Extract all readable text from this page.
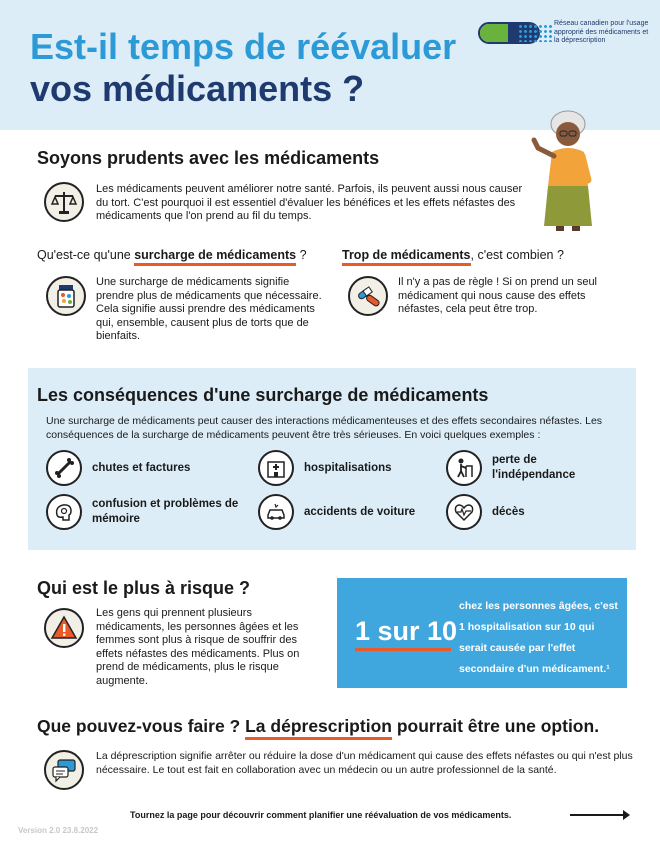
Est-il temps de réévaluer
vos médicaments ?
Réseau canadien pour l'usage approprié des médicaments et la déprescription
Soyons prudents avec les médicaments
Les médicaments peuvent améliorer notre santé. Parfois, ils peuvent aussi nous causer du tort. C'est pourquoi il est essentiel d'évaluer les bénéfices et les effets néfastes des médicaments que l'on prend au fil du temps.
Qu'est-ce qu'une surcharge de médicaments ?
Une surcharge de médicaments signifie prendre plus de médicaments que nécessaire. Cela signifie aussi prendre des médicaments qui, ensemble, causent plus de torts que de bienfaits.
Trop de médicaments, c'est combien ?
Il n'y a pas de règle ! Si on prend un seul médicament qui nous cause des effets néfastes, cela peut être trop.
Les conséquences d'une surcharge de médicaments
Une surcharge de médicaments peut causer des interactions médicamenteuses et des effets secondaires néfastes. Les conséquences de la surcharge de médicaments peuvent être très sérieuses. En voici quelques exemples :
chutes et factures	hospitalisations
perte de l'indépendance
confusion et problèmes de mémoire
accidents de voiture	décès
Qui est le plus à risque ?
Les gens qui prennent plusieurs médicaments, les personnes âgées et les femmes sont plus à risque de souffrir des effets néfastes des médicaments. Plus on prend de médicaments, plus le risque augmente.
1 sur 10
chez les personnes âgées, c'est 1 hospitalisation sur 10 qui serait causée par l'effet secondaire d'un médicament.¹
Que pouvez-vous faire ? La déprescription pourrait être une option.
La déprescription signifie arrêter ou réduire la dose d'un médicament qui cause des effets néfastes ou qui n'est plus nécessaire. Le tout est fait en collaboration avec un médecin ou un autre professionnel de la santé.
Tournez la page pour découvrir comment planifier une réévaluation de vos médicaments.
Version 2.0 23.8.2022
